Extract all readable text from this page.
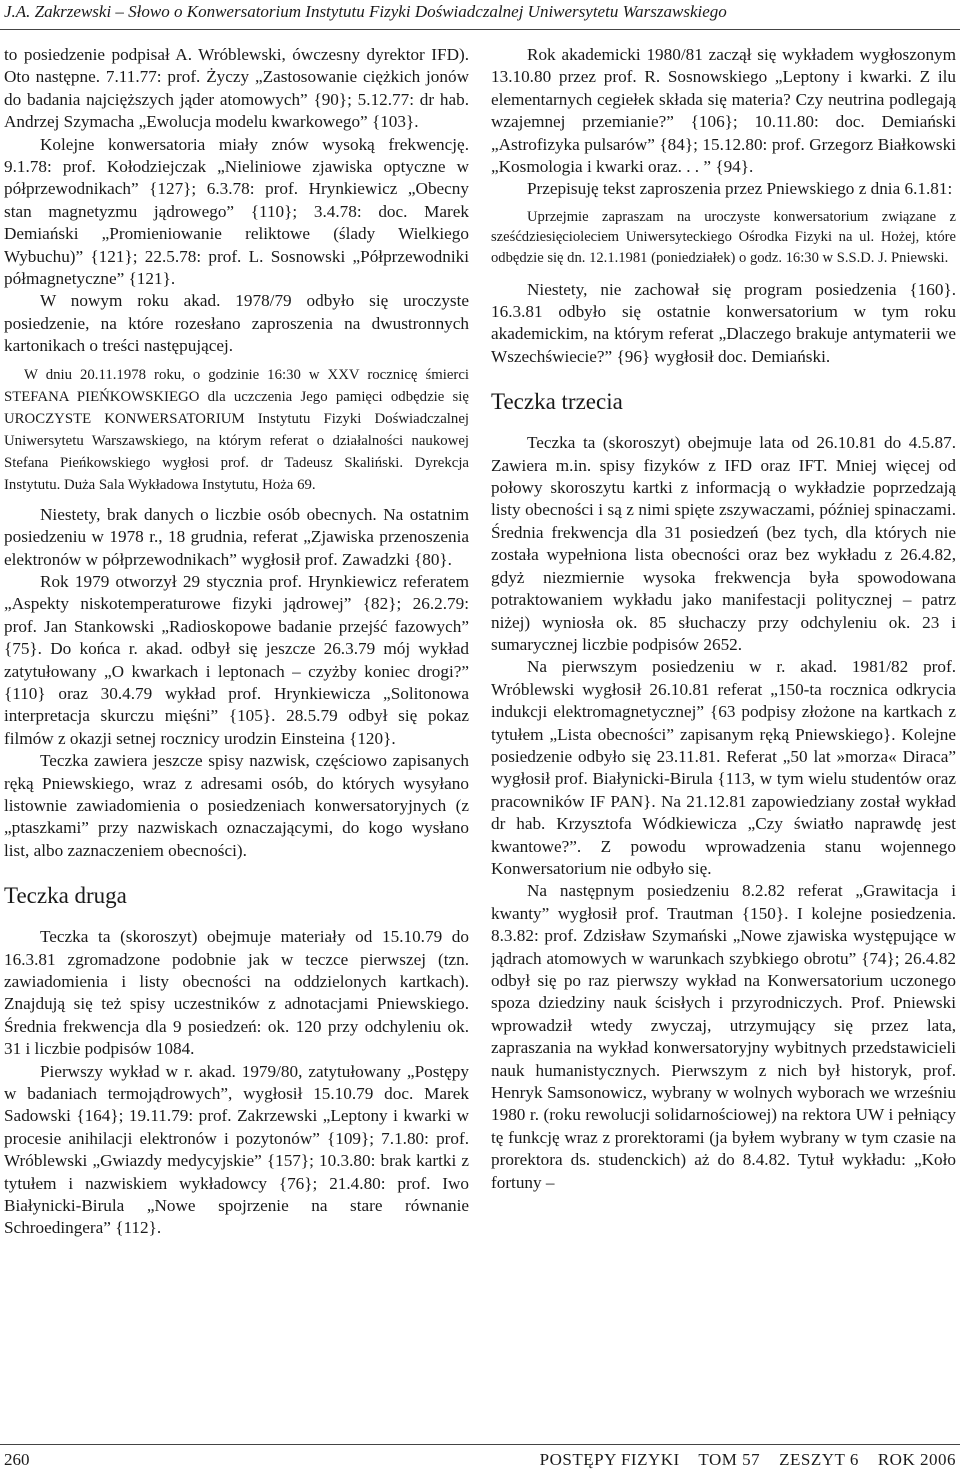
J.A. Zakrzewski – Słowo o Konwersatorium Instytutu Fizyki Doświadczalnej Uniwersytetu Warszawskiego

to posiedzenie podpisał A. Wróblewski, ówczesny dyrektor IFD). Oto następne. 7.11.77: prof. Życzy „Zastosowanie ciężkich jonów do badania najcięższych jąder atomowych” {90}; 5.12.77: dr hab. Andrzej Szymacha „Ewolucja modelu kwarkowego” {103}.

Kolejne konwersatoria miały znów wysoką frekwencję. 9.1.78: prof. Kołodziejczak „Nieliniowe zjawiska optyczne w półprzewodnikach” {127}; 6.3.78: prof. Hrynkiewicz „Obecny stan magnetyzmu jądrowego” {110}; 3.4.78: doc. Marek Demiański „Promieniowanie reliktowe (ślady Wielkiego Wybuchu)” {121}; 22.5.78: prof. L. Sosnowski „Półprzewodniki półmagnetyczne” {121}.

W nowym roku akad. 1978/79 odbyło się uroczyste posiedzenie, na które rozesłano zaproszenia na dwustronnych kartonikach o treści następującej.

W dniu 20.11.1978 roku, o godzinie 16:30 w XXV rocznicę śmierci STEFANA PIEŃKOWSKIEGO dla uczczenia Jego pamięci odbędzie się UROCZYSTE KONWERSATORIUM Instytutu Fizyki Doświadczalnej Uniwersytetu Warszawskiego, na którym referat o działalności naukowej Stefana Pieńkowskiego wygłosi prof. dr Tadeusz Skaliński. Dyrekcja Instytutu. Duża Sala Wykładowa Instytutu, Hoża 69.

Niestety, brak danych o liczbie osób obecnych. Na ostatnim posiedzeniu w 1978 r., 18 grudnia, referat „Zjawiska przenoszenia elektronów w półprzewodnikach” wygłosił prof. Zawadzki {80}.

Rok 1979 otworzył 29 stycznia prof. Hrynkiewicz referatem „Aspekty niskotemperaturowe fizyki jądrowej” {82}; 26.2.79: prof. Jan Stankowski „Radioskopowe badanie przejść fazowych” {75}. Do końca r. akad. odbył się jeszcze 26.3.79 mój wykład zatytułowany „O kwarkach i leptonach – czyżby koniec drogi?” {110} oraz 30.4.79 wykład prof. Hrynkiewicza „Solitonowa interpretacja skurczu mięśni” {105}. 28.5.79 odbył się pokaz filmów z okazji setnej rocznicy urodzin Einsteina {120}.

Teczka zawiera jeszcze spisy nazwisk, częściowo zapisanych ręką Pniewskiego, wraz z adresami osób, do których wysyłano listownie zawiadomienia o posiedzeniach konwersatoryjnych (z „ptaszkami” przy nazwiskach oznaczającymi, do kogo wysłano list, albo zaznaczeniem obecności).

Teczka druga

Teczka ta (skoroszyt) obejmuje materiały od 15.10.79 do 16.3.81 zgromadzone podobnie jak w teczce pierwszej (tzn. zawiadomienia i listy obecności na oddzielonych kartkach). Znajdują się też spisy uczestników z adnotacjami Pniewskiego. Średnia frekwencja dla 9 posiedzeń: ok. 120 przy odchyleniu ok. 31 i liczbie podpisów 1084.

Pierwszy wykład w r. akad. 1979/80, zatytułowany „Postępy w badaniach termojądrowych”, wygłosił 15.10.79 doc. Marek Sadowski {164}; 19.11.79: prof. Zakrzewski „Leptony i kwarki w procesie anihilacji elektronów i pozytonów” {109}; 7.1.80: prof. Wróblewski „Gwiazdy medycyjskie” {157}; 10.3.80: brak kartki z tytułem i nazwiskiem wykładowcy {76}; 21.4.80: prof. Iwo Białynicki-Birula „Nowe spojrzenie na stare równanie Schroedingera” {112}.

Rok akademicki 1980/81 zaczął się wykładem wygłoszonym 13.10.80 przez prof. R. Sosnowskiego „Leptony i kwarki. Z ilu elementarnych cegiełek składa się materia? Czy neutrina podlegają wzajemnej przemianie?” {106}; 10.11.80: doc. Demiański „Astrofizyka pulsarów” {84}; 15.12.80: prof. Grzegorz Białkowski „Kosmologia i kwarki oraz. . . ” {94}.

Przepisuję tekst zaproszenia przez Pniewskiego z dnia 6.1.81:

Uprzejmie zapraszam na uroczyste konwersatorium związane z sześćdziesięcioleciem Uniwersyteckiego Ośrodka Fizyki na ul. Hożej, które odbędzie się dn. 12.1.1981 (poniedziałek) o godz. 16:30 w S.S.D. J. Pniewski.

Niestety, nie zachował się program posiedzenia {160}. 16.3.81 odbyło się ostatnie konwersatorium w tym roku akademickim, na którym referat „Dlaczego brakuje antymaterii we Wszechświecie?” {96} wygłosił doc. Demiański.

Teczka trzecia

Teczka ta (skoroszyt) obejmuje lata od 26.10.81 do 4.5.87. Zawiera m.in. spisy fizyków z IFD oraz IFT. Mniej więcej od połowy skoroszytu kartki z informacją o wykładzie poprzedzają listy obecności i są z nimi spięte zszywaczami, później spinaczami. Średnia frekwencja dla 31 posiedzeń (bez tych, dla których nie została wypełniona lista obecności oraz bez wykładu z 26.4.82, gdyż niezmiernie wysoka frekwencja była spowodowana potraktowaniem wykładu jako manifestacji politycznej – patrz niżej) wyniosła ok. 85 słuchaczy przy odchyleniu ok. 23 i sumarycznej liczbie podpisów 2652.

Na pierwszym posiedzeniu w r. akad. 1981/82 prof. Wróblewski wygłosił 26.10.81 referat „150-ta rocznica odkrycia indukcji elektromagnetycznej” {63 podpisy złożone na kartkach z tytułem „Lista obecności” zapisanym ręką Pniewskiego}. Kolejne posiedzenie odbyło się 23.11.81. Referat „50 lat »morza« Diraca” wygłosił prof. Białynicki-Birula {113, w tym wielu studentów oraz pracowników IF PAN}. Na 21.12.81 zapowiedziany został wykład dr hab. Krzysztofa Wódkiewicza „Czy światło naprawdę jest kwantowe?”. Z powodu wprowadzenia stanu wojennego Konwersatorium nie odbyło się.

Na następnym posiedzeniu 8.2.82 referat „Grawitacja i kwanty” wygłosił prof. Trautman {150}. I kolejne posiedzenia. 8.3.82: prof. Zdzisław Szymański „Nowe zjawiska występujące w jądrach atomowych w warunkach szybkiego obrotu” {74}; 26.4.82 odbył się po raz pierwszy wykład na Konwersatorium uczonego spoza dziedziny nauk ścisłych i przyrodniczych. Prof. Pniewski wprowadził wtedy zwyczaj, utrzymujący się przez lata, zapraszania na wykład konwersatoryjny wybitnych przedstawicieli nauk humanistycznych. Pierwszym z nich był historyk, prof. Henryk Samsonowicz, wybrany w wolnych wyborach we wrześniu 1980 r. (roku rewolucji solidarnościowej) na rektora UW i pełniący tę funkcję wraz z prorektorami (ja byłem wybrany w tym czasie na prorektora ds. studenckich) aż do 8.4.82. Tytuł wykładu: „Koło fortuny –

260	POSTĘPY FIZYKI TOM 57 ZESZYT 6 ROK 2006
